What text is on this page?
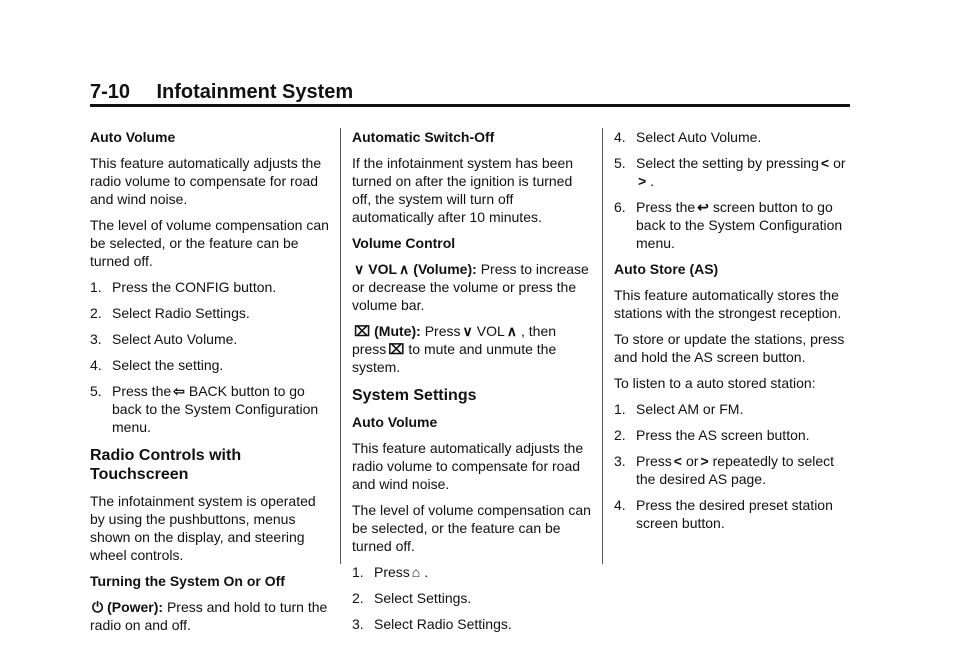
7-10 Infotainment System
Auto Volume

This feature automatically adjusts the radio volume to compensate for road and wind noise.

The level of volume compensation can be selected, or the feature can be turned off.

1. Press the CONFIG button.
2. Select Radio Settings.
3. Select Auto Volume.
4. Select the setting.
5. Press the ⇦ BACK button to go back to the System Configuration menu.
Radio Controls with Touchscreen

The infotainment system is operated by using the pushbuttons, menus shown on the display, and steering wheel controls.

Turning the System On or Off

⏻ (Power): Press and hold to turn the radio on and off.

Automatic Switch-Off

If the infotainment system has been turned on after the ignition is turned off, the system will turn off automatically after 10 minutes.

Volume Control

∨ VOL ∧ (Volume): Press to increase or decrease the volume or press the volume bar.

⌧ (Mute): Press ∨ VOL ∧ , then press ⌧ to mute and unmute the system.

System Settings
Auto Volume

This feature automatically adjusts the radio volume to compensate for road and wind noise.

The level of volume compensation can be selected, or the feature can be turned off.

1. Press ⌂ .
2. Select Settings.
3. Select Radio Settings.
4. Select Auto Volume.
5. Select the setting by pressing < or> .
6. Press the ↩ screen button to go back to the System Configuration menu.
Auto Store (AS)

This feature automatically stores the stations with the strongest reception.

To store or update the stations, press and hold the AS screen button.

To listen to a auto stored station:

1. Select AM or FM.
2. Press the AS screen button.
3. Press < or > repeatedly to select the desired AS page.
4. Press the desired preset station screen button.
